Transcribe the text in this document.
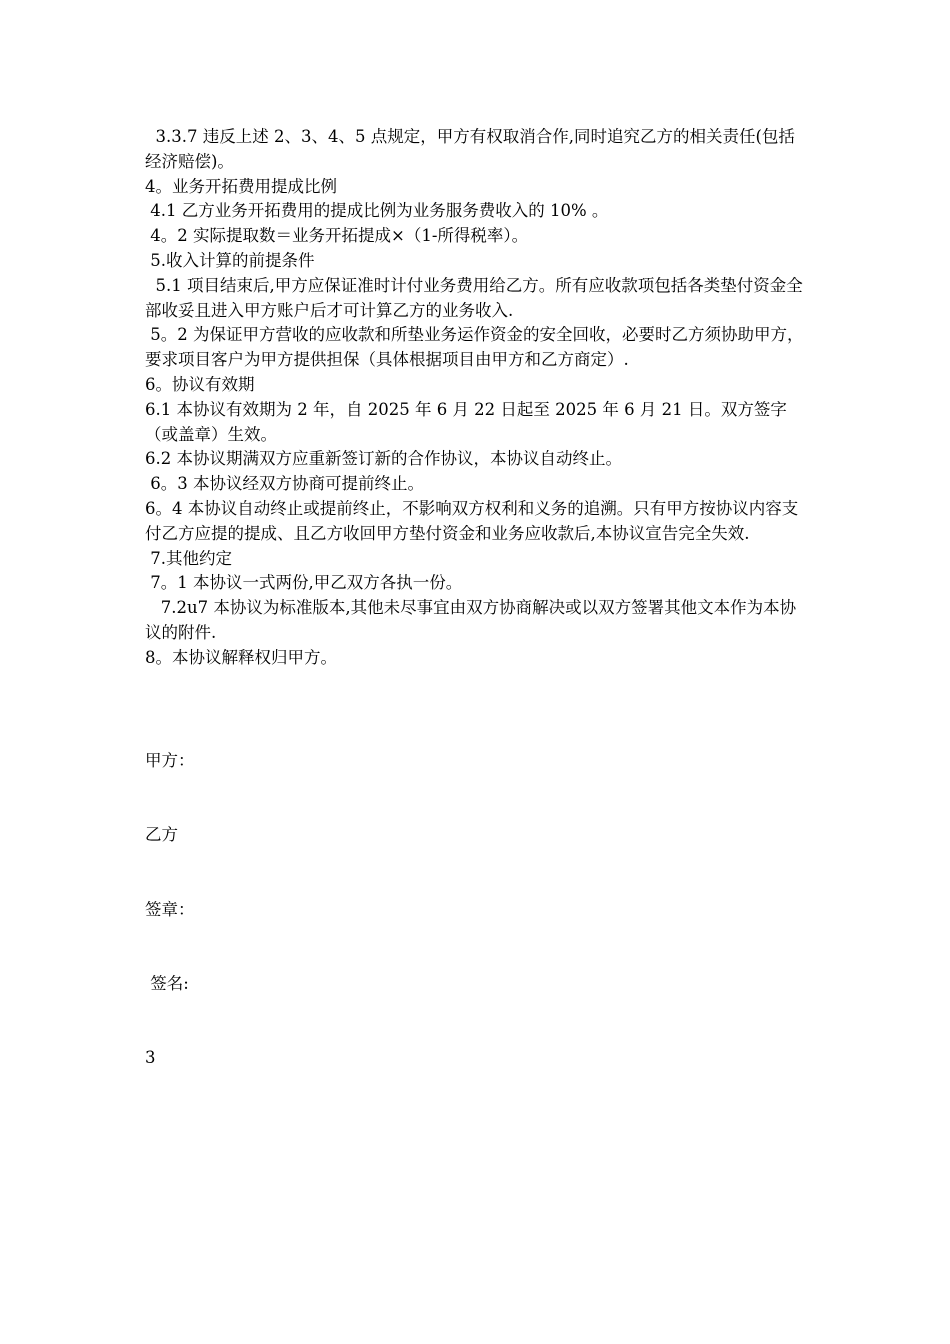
3.3.7 违反上述 2、3、4、5 点规定，甲方有权取消合作,同时追究乙方的相关责任(包括经济赔偿)。

4。业务开拓费用提成比例

4.1 乙方业务开拓费用的提成比例为业务服务费收入的 10% 。

4。2 实际提取数＝业务开拓提成×（1-所得税率）。

5.收入计算的前提条件

5.1 项目结束后,甲方应保证准时计付业务费用给乙方。所有应收款项包括各类垫付资金全部收妥且进入甲方账户后才可计算乙方的业务收入.

5。2 为保证甲方营收的应收款和所垫业务运作资金的安全回收，必要时乙方须协助甲方，要求项目客户为甲方提供担保（具体根据项目由甲方和乙方商定）.

6。协议有效期

6.1 本协议有效期为 2 年，自 2025 年 6 月 22 日起至 2025 年 6 月 21 日。双方签字（或盖章）生效。

6.2 本协议期满双方应重新签订新的合作协议，本协议自动终止。

6。3 本协议经双方协商可提前终止。

6。4 本协议自动终止或提前终止，不影响双方权利和义务的追溯。只有甲方按协议内容支付乙方应提的提成、且乙方收回甲方垫付资金和业务应收款后,本协议宣告完全失效.

7.其他约定

7。1 本协议一式两份,甲乙双方各执一份。

7.2u7 本协议为标准版本,其他未尽事宜由双方协商解决或以双方签署其他文本作为本协议的附件.

8。本协议解释权归甲方。

甲方：

乙方

签章：

签名:

3
